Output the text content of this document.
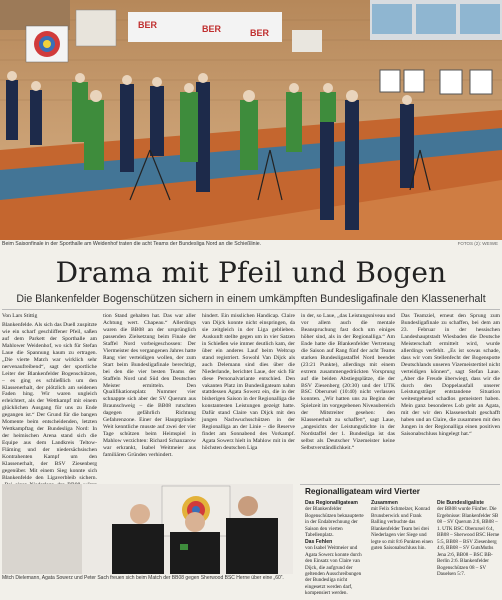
BER	BER	BER
Beim Saisonfinale in der Sporthalle am Weidenhof traten die acht Teams der Bundesliga Nord an die Schießlinie.	FOTOS (2): WEIWE
Drama mit Pfeil und Bogen
Die Blankenfelder Bogenschützen sichern in einem umkämpften Bundesligafinale den Klassenerhalt
Von Lars Stittig
Blankenfelde. Als sich das Duell zuspitzte wie ein scharf geschliffener Pfeil, saßen auf dem Parkett der Sporthalle am Mahlower Weidenhof, wo sich für Stefan Laue die Spannung kaum zu ertragen. „Die vierte Match war wirklich sehr nervenaufreibend“, sagt der sportliche Leiter der Blankenfelder Bogenschützen, – es ging es schließlich um den Klassenerhalt, der plötzlich am seidenen Faden hing. Wir waren ungleich erleichtert, als der Wettkampf mit einem glücklichen Ausgang für uns zu Ende gegangen ist.“ Der Grund für die bangen Momente beim entscheidenden, letzten Wettkampftag der Bundesliga Nord: In der heimischen Arena stand sich die Equipe aus dem Landkreis Teltow-Fläming und der niedersächsischen Kontrahenten Kampf um den Klassenerhalt, der BSV Ziesenberg gegenüber. Mit einem Sieg konnte sich Blankenfelde den Ligaverbleib sichern.
tion Stand gehalten hat. Das war aller Achtung wert. Chapeau.“ Allerdings waren die BB08 an der ursprünglich passenden Zielsetzung beim Finale der Staffel Nord vorbeigeschossen: Der Viermeister des vergangenen Jahres hatte Rang vier verteidigen wollen, der zum Start beim Bundesligafinale berechtigt, bei den die vier besten Teams der Staffeln Nord und Süd den Deutschen Meister ermitteln. Den Qualifikationsplatz Nummer vier schnappte sich aber der SV Querum aus Braunschweig – die BB08 rutschten dagegen gefährlich Richtung Gefahrenzone. Einer der Hauptgründe: Weit kenntliche musste auf zwei der vier Tage schützen beim Heimspiel in Mahlow verzichten: Richard Schanzarow war erkrankt, Isabel Weitmeier aus familiären Gründen verhindert.
hindert. Ein misslichen Handicap. Claire van Dijck konnte nicht einspringen, da sie zeitgleich in der Liga geblieben. Auskunft stellte gegen um in vier Satzen in Schießen wie immer deutlich kam, der über ein anderes Lauf beim Weltcup stand registriert. Sowohl Van Dijck als auch Delemann sind dies über die Niederlande, berichtet Laue, der sich für diese Personalvariante entschied. Den vakanten Platz im Bundesligateam nahm stattdessen Agata Sowerz ein, die in der bisherigen Saison in der Regionalliga die konstantesten Leistungen gezeigt hatte. Dafür stand Claire van Dijck mit den jungen Nachwuchsschützen in der Regionalliga an der Linie – die Reserve findet am Sonnabend des Vorkampf. Agata Sowerz hielt in Mahlow mit in der höchsten deutschen Liga
in der, so Laue, „das Leistungsniveau und vor allem auch die mentale Beanspruchung fast doch um einiges höher sind, als in der Regionalliga.“ Am Ende hatte die Blankenfelder Vertretung die Saison auf Rang fünf der acht Teams starken Bundesligastaffel Nord beendet (23:21 Punkte), allerdings mit einem extrem zusammengedrückten Vorsprung auf die beiden Abstiegsplätze, die der BSV Ziesenberg (20:30) und der UTK BSC Oberursel (10:40) nicht verlassen konnten. „Wir hatten uns zu Beginn der Spielzeit im vorgegebenen Niveaubereich der Mitstreiter gesehen: den Klassenerhalt zu schaffen“, sagt Laue, „angesichts der Leistungsdichte in der Nordstaffel der 1. Bundesliga ist das selbst als Deutscher Vizemeister keine Selbstverständlichkeit.“
Das Teamziel, erneut den Sprung zum Bundesligafinale zu schaffen, bei dem am 23. Februar in der hessischen Landeshauptstadt Wiesbaden die Deutsche Meisterschaft ermittelt wird, wurde allerdings verfehlt. „Es ist sowas schade, dass wir vom Stellenfecht der Bogenspotte Deutschlands unseren Vizemeistertitel nicht verteidigen können“, sagt Stefan Laue. „Aber die Freude überwiegt, dass wir die durch den Doppelausfall unserer Leistungsträger entstandene Situation weitestgehend schadlos gemeistert haben. Mein ganz besonderes Lob geht an Agata, mit der wir den Klassenerhalt geschafft haben und an Claire, die zusammen mit den Jungen in der Regionalliga einen positiven Saisonabschluss hingelegt hat.“
Mitch Dielemann, Agata Sowerz und Peter Sach freuen sich beim Match der BB08 gegen Sherwood BSC Herne über eine „60“.
Regionalligateam wird Vierter
Das Regionalligateam
der Blankenfelder Bogenschützen beknaupterte in der Endabrechnung der Saison den vierten Tabellenplatz.

Das Fehlen
von Isabel Weitmeier und Agata Sowerz konnte durch den Einsatz von Claire van Dijck, die aufgrund der geltenden Ausschreibungen der Bundesliga nicht eingesetzt werden darf, kompensiert werden.
Zusammen
mit Felix Schmelzer, Konrad Brunsberwick und Frank Balling verbuchte das Blankenfelder Team bei drei Niederlagen vier Siege und legte so mit 8:6 Punkten einen guten Saisonabschluss hin.
Die Bundesligaliste
der BB08 wurde Fünfter. Die Ergebnisse: Blankenfelder SB 08 – SV Querum 2:6, BB08 – 1. UTK BSC Oberursel 6:4, BB08 – Sherwood BSC Herne 5:5, BB08 – BSV Ziesenberg 4:6, BB08 – SV GutsMuths Jena 2:6, BB08 – BSC BB-Berlin 2:6. Blankenfelder Bogenschützen 08 – SV Dauelsen 5:7.
